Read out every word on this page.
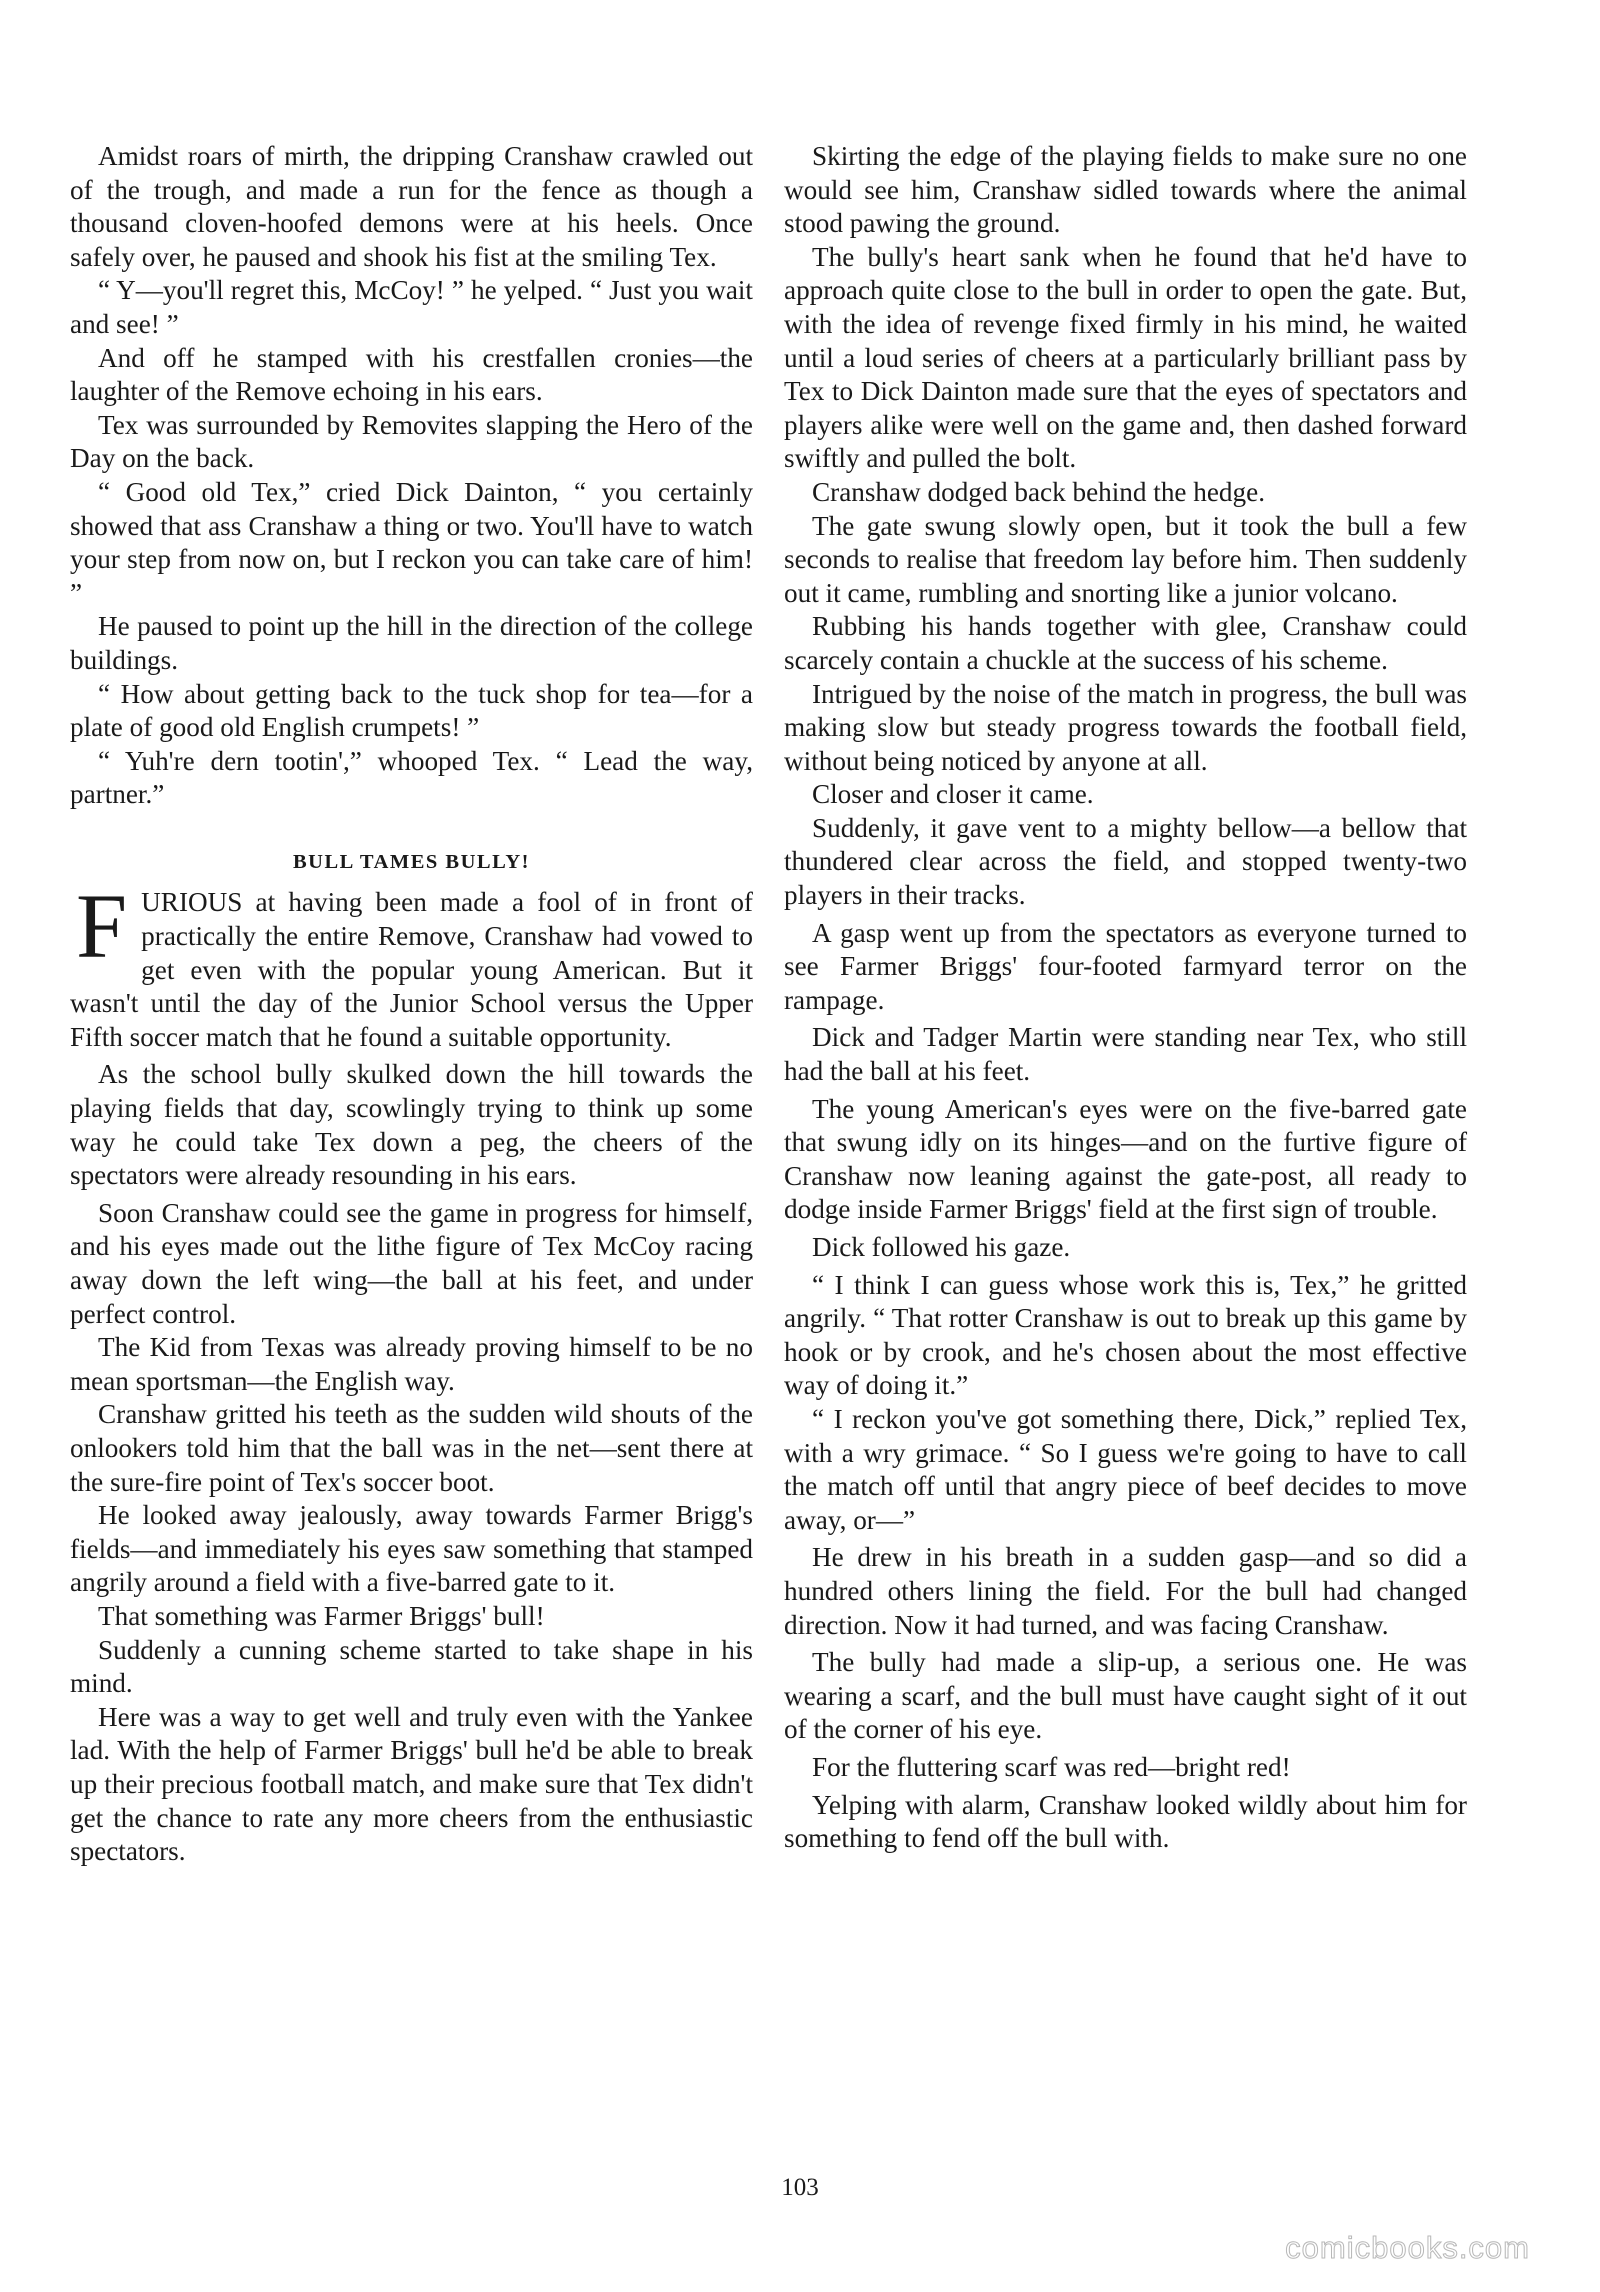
Amidst roars of mirth, the dripping Cranshaw crawled out of the trough, and made a run for the fence as though a thousand cloven-hoofed demons were at his heels. Once safely over, he paused and shook his fist at the smiling Tex.

“ Y—you'll regret this, McCoy! ” he yelped. “ Just you wait and see! ”

And off he stamped with his crestfallen cronies—the laughter of the Remove echoing in his ears.

Tex was surrounded by Removites slapping the Hero of the Day on the back.

“ Good old Tex,” cried Dick Dainton, “ you certainly showed that ass Cranshaw a thing or two. You'll have to watch your step from now on, but I reckon you can take care of him! ”

He paused to point up the hill in the direction of the college buildings.

“ How about getting back to the tuck shop for tea—for a plate of good old English crumpets! ”

“ Yuh're dern tootin',” whooped Tex. “ Lead the way, partner.”

BULL TAMES BULLY!

FURIOUS at having been made a fool of in front of practically the entire Remove, Cranshaw had vowed to get even with the popular young American. But it wasn't until the day of the Junior School versus the Upper Fifth soccer match that he found a suitable opportunity.

As the school bully skulked down the hill towards the playing fields that day, scowlingly trying to think up some way he could take Tex down a peg, the cheers of the spectators were already resounding in his ears.

Soon Cranshaw could see the game in progress for himself, and his eyes made out the lithe figure of Tex McCoy racing away down the left wing—the ball at his feet, and under perfect control.

The Kid from Texas was already proving himself to be no mean sportsman—the English way.

Cranshaw gritted his teeth as the sudden wild shouts of the onlookers told him that the ball was in the net—sent there at the sure-fire point of Tex's soccer boot.

He looked away jealously, away towards Farmer Brigg's fields—and immediately his eyes saw something that stamped angrily around a field with a five-barred gate to it.

That something was Farmer Briggs' bull!

Suddenly a cunning scheme started to take shape in his mind.

Here was a way to get well and truly even with the Yankee lad. With the help of Farmer Briggs' bull he'd be able to break up their precious football match, and make sure that Tex didn't get the chance to rate any more cheers from the enthusiastic spectators.

Skirting the edge of the playing fields to make sure no one would see him, Cranshaw sidled towards where the animal stood pawing the ground.

The bully's heart sank when he found that he'd have to approach quite close to the bull in order to open the gate. But, with the idea of revenge fixed firmly in his mind, he waited until a loud series of cheers at a particularly brilliant pass by Tex to Dick Dainton made sure that the eyes of spectators and players alike were well on the game and, then dashed forward swiftly and pulled the bolt.

Cranshaw dodged back behind the hedge.

The gate swung slowly open, but it took the bull a few seconds to realise that freedom lay before him. Then suddenly out it came, rumbling and snorting like a junior volcano.

Rubbing his hands together with glee, Cranshaw could scarcely contain a chuckle at the success of his scheme.

Intrigued by the noise of the match in progress, the bull was making slow but steady progress towards the football field, without being noticed by anyone at all.

Closer and closer it came.

Suddenly, it gave vent to a mighty bellow—a bellow that thundered clear across the field, and stopped twenty-two players in their tracks.

A gasp went up from the spectators as everyone turned to see Farmer Briggs' four-footed farmyard terror on the rampage.

Dick and Tadger Martin were standing near Tex, who still had the ball at his feet.

The young American's eyes were on the five-barred gate that swung idly on its hinges—and on the furtive figure of Cranshaw now leaning against the gate-post, all ready to dodge inside Farmer Briggs' field at the first sign of trouble.

Dick followed his gaze.

“ I think I can guess whose work this is, Tex,” he gritted angrily. “ That rotter Cranshaw is out to break up this game by hook or by crook, and he's chosen about the most effective way of doing it.”

“ I reckon you've got something there, Dick,” replied Tex, with a wry grimace. “ So I guess we're going to have to call the match off until that angry piece of beef decides to move away, or—”

He drew in his breath in a sudden gasp—and so did a hundred others lining the field. For the bull had changed direction. Now it had turned, and was facing Cranshaw.

The bully had made a slip-up, a serious one. He was wearing a scarf, and the bull must have caught sight of it out of the corner of his eye.

For the fluttering scarf was red—bright red!

Yelping with alarm, Cranshaw looked wildly about him for something to fend off the bull with.

103
comicbooks.com
